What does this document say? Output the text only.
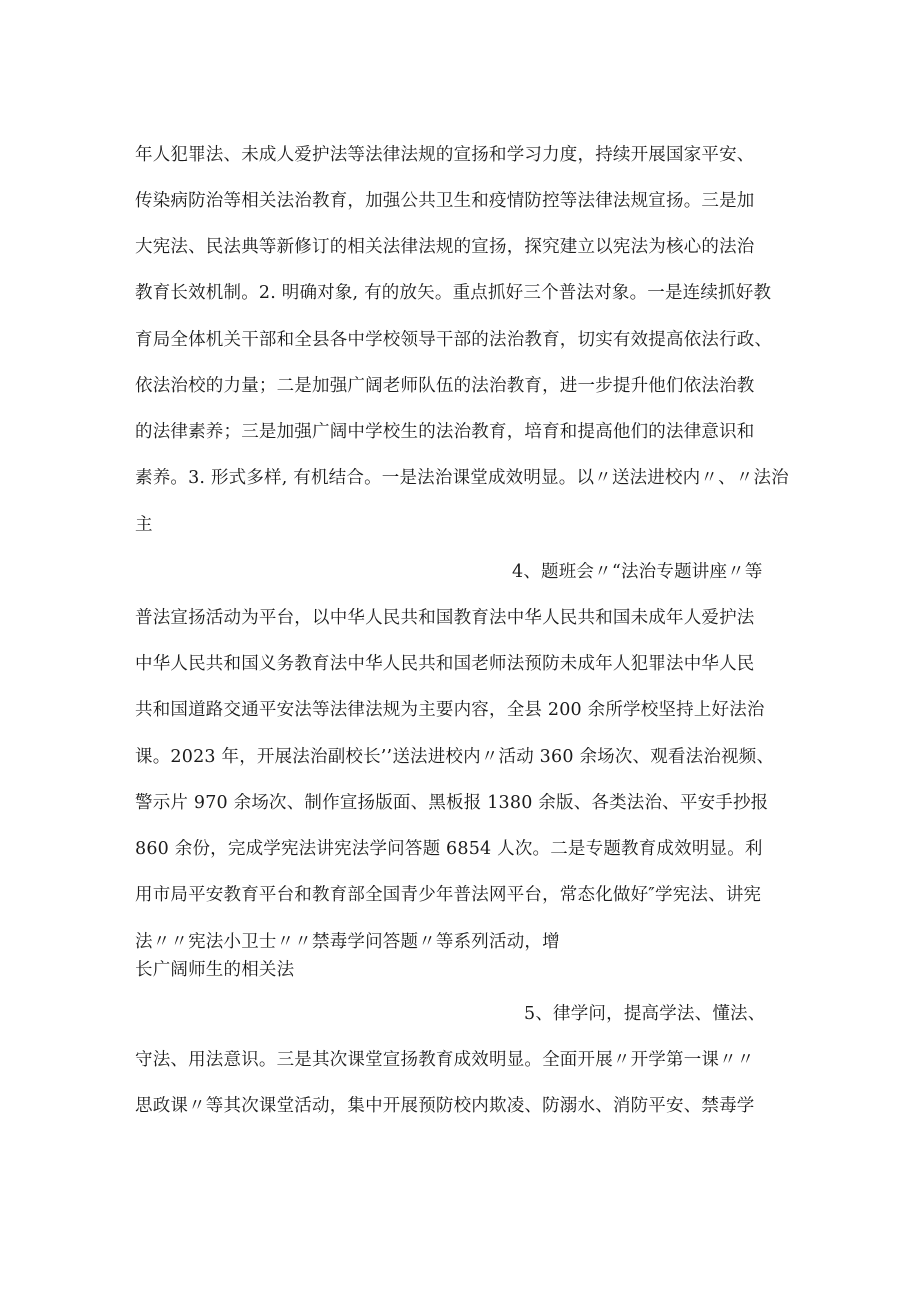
年人犯罪法、未成人爱护法等法律法规的宣扬和学习力度，持续开展国家平安、
传染病防治等相关法治教育，加强公共卫生和疫情防控等法律法规宣扬。三是加
大宪法、民法典等新修订的相关法律法规的宣扬，探究建立以宪法为核心的法治
教育长效机制。2. 明确对象, 有的放矢。重点抓好三个普法对象。一是连续抓好教
育局全体机关干部和全县各中学校领导干部的法治教育，切实有效提高依法行政、
依法治校的力量；二是加强广阔老师队伍的法治教育，进一步提升他们依法治教
的法律素养；三是加强广阔中学校生的法治教育，培育和提高他们的法律意识和
素养。3. 形式多样, 有机结合。一是法治课堂成效明显。以〃送法进校内〃、〃法治
主
4、题班会〃“法治专题讲座〃等
普法宣扬活动为平台，以中华人民共和国教育法中华人民共和国未成年人爱护法
中华人民共和国义务教育法中华人民共和国老师法预防未成年人犯罪法中华人民
共和国道路交通平安法等法律法规为主要内容，全县 200 余所学校坚持上好法治
课。2023 年，开展法治副校长’’送法进校内〃活动 360 余场次、观看法治视频、
警示片 970 余场次、制作宣扬版面、黑板报 1380 余版、各类法治、平安手抄报
860 余份，完成学宪法讲宪法学问答题 6854 人次。二是专题教育成效明显。利
用市局平安教育平台和教育部全国青少年普法网平台，常态化做好″学宪法、讲宪
法〃〃宪法小卫士〃〃禁毒学问答题〃等系列活动，增
长广阔师生的相关法
5、律学问，提高学法、懂法、
守法、用法意识。三是其次课堂宣扬教育成效明显。全面开展〃开学第一课〃〃
思政课〃等其次课堂活动，集中开展预防校内欺凌、防溺水、消防平安、禁毒学
